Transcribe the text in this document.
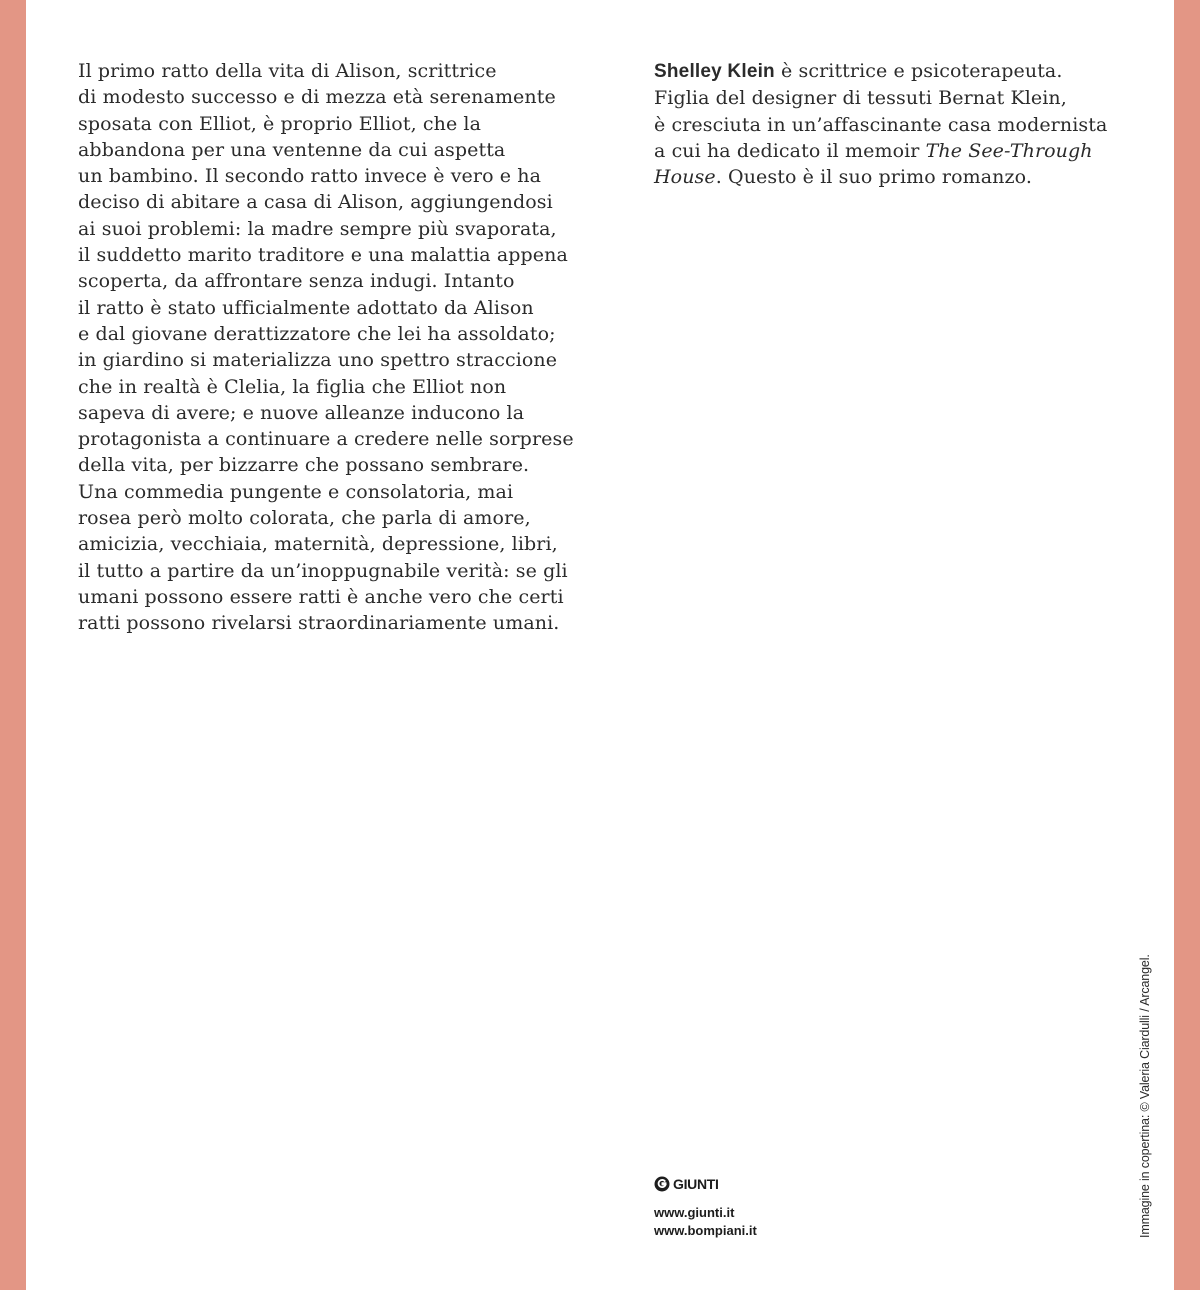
Il primo ratto della vita di Alison, scrittrice

di modesto successo e di mezza età serenamente

sposata con Elliot, è proprio Elliot, che la

abbandona per una ventenne da cui aspetta

un bambino. Il secondo ratto invece è vero e ha

deciso di abitare a casa di Alison, aggiungendosi

ai suoi problemi: la madre sempre più svaporata,

il suddetto marito traditore e una malattia appena

scoperta, da affrontare senza indugi. Intanto

il ratto è stato ufficialmente adottato da Alison

e dal giovane derattizzatore che lei ha assoldato;

in giardino si materializza uno spettro straccione

che in realtà è Clelia, la figlia che Elliot non

sapeva di avere; e nuove alleanze inducono la

protagonista a continuare a credere nelle sorprese

della vita, per bizzarre che possano sembrare.

Una commedia pungente e consolatoria, mai

rosea però molto colorata, che parla di amore,

amicizia, vecchiaia, maternità, depressione, libri,

il tutto a partire da un’inoppugnabile verità: se gli

umani possono essere ratti è anche vero che certi

ratti possono rivelarsi straordinariamente umani.

Shelley Klein è scrittrice e psicoterapeuta.

Figlia del designer di tessuti Bernat Klein,

è cresciuta in un’affascinante casa modernista

a cui ha dedicato il memoir The See-Through

House. Questo è il suo primo romanzo.

GIUNTI
www.giunti.it
www.bompiani.it	Immagine in copertina: © Valeria Ciardulli / Arcangel.
